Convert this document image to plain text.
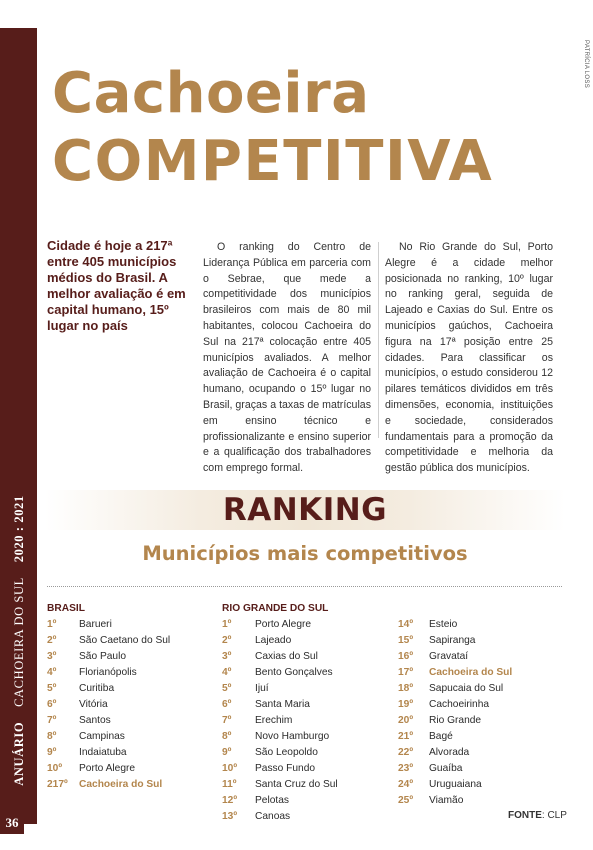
ANUÁRIO    CACHOEIRA DO SUL    2020 : 2021
36
PATRÍCIA LOSS
Cachoeira
COMPETITIVA
Cidade é hoje a 217ª entre 405 municípios médios do Brasil. A melhor avaliação é em capital humano, 15º lugar no país

O ranking do Centro de Liderança Pública em parceria com o Sebrae, que mede a competitividade dos municípios brasileiros com mais de 80 mil habitantes, colocou Cachoeira do Sul na 217ª colocação entre 405 municípios avaliados. A melhor avaliação de Cachoeira é o capital humano, ocupando o 15º lugar no Brasil, graças a taxas de matrículas em ensino técnico e profissionalizante e ensino superior e a qualificação dos trabalhadores com emprego formal.

No Rio Grande do Sul, Porto Alegre é a cidade melhor posicionada no ranking, 10º lugar no ranking geral, seguida de Lajeado e Caxias do Sul. Entre os municípios gaúchos, Cachoeira figura na 17ª posição entre 25 cidades. Para classificar os municípios, o estudo considerou 12 pilares temáticos divididos em três dimensões, economia, instituições e sociedade, considerados fundamentais para a promoção da competitividade e melhoria da gestão pública dos municípios.

RANKING
Municípios mais competitivos
BRASIL
1º Barueri
2º São Caetano do Sul
3º São Paulo
4º Florianópolis
5º Curitiba
6º Vitória
7º Santos
8º Campinas
9º Indaiatuba
10º Porto Alegre
217º Cachoeira do Sul
RIO GRANDE DO SUL
1º Porto Alegre
2º Lajeado
3º Caxias do Sul
4º Bento Gonçalves
5º Ijuí
6º Santa Maria
7º Erechim
8º Novo Hamburgo
9º São Leopoldo
10º Passo Fundo
11º Santa Cruz do Sul
12º Pelotas
13º Canoas
14º Esteio
15º Sapiranga
16º Gravataí
17º Cachoeira do Sul
18º Sapucaia do Sul
19º Cachoeirinha
20º Rio Grande
21º Bagé
22º Alvorada
23º Guaíba
24º Uruguaiana
25º Viamão
FONTE: CLP
